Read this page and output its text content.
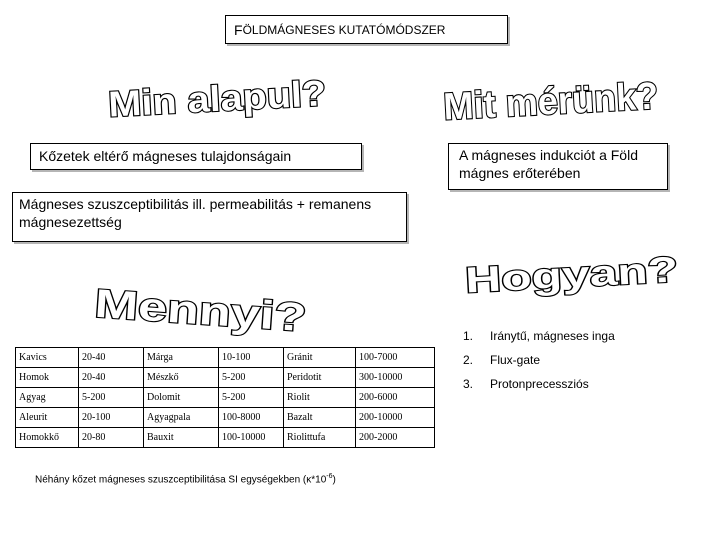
F ÖLDMÁGNESES KUTATÓMÓDSZER
Min alapul?	Mit mérünk?
Hogyan?
Mennyi?
Kőzetek eltérő mágneses tulajdonságain	A mágneses indukciót a Föld mágnes erőterében
Mágneses szuszceptibilitás ill. permeabilitás + remanens mágnesezettség
1.	Iránytű, mágneses inga
2.	Flux-gate
3.	Protonprecessziós
Kavics	20-40	Márga	10-100	Gránit	100-7000
Homok	20-40	Mészkő	5-200	Peridotit	300-10000
Agyag	5-200	Dolomit	5-200	Riolit	200-6000
Aleurit	20-100	Agyagpala	100-8000	Bazalt	200-10000
Homokkő	20-80	Bauxit	100-10000	Riolittufa	200-2000
Néhány kőzet mágneses szuszceptibilitása SI egységekben $(\kappa*10^{-6})$
